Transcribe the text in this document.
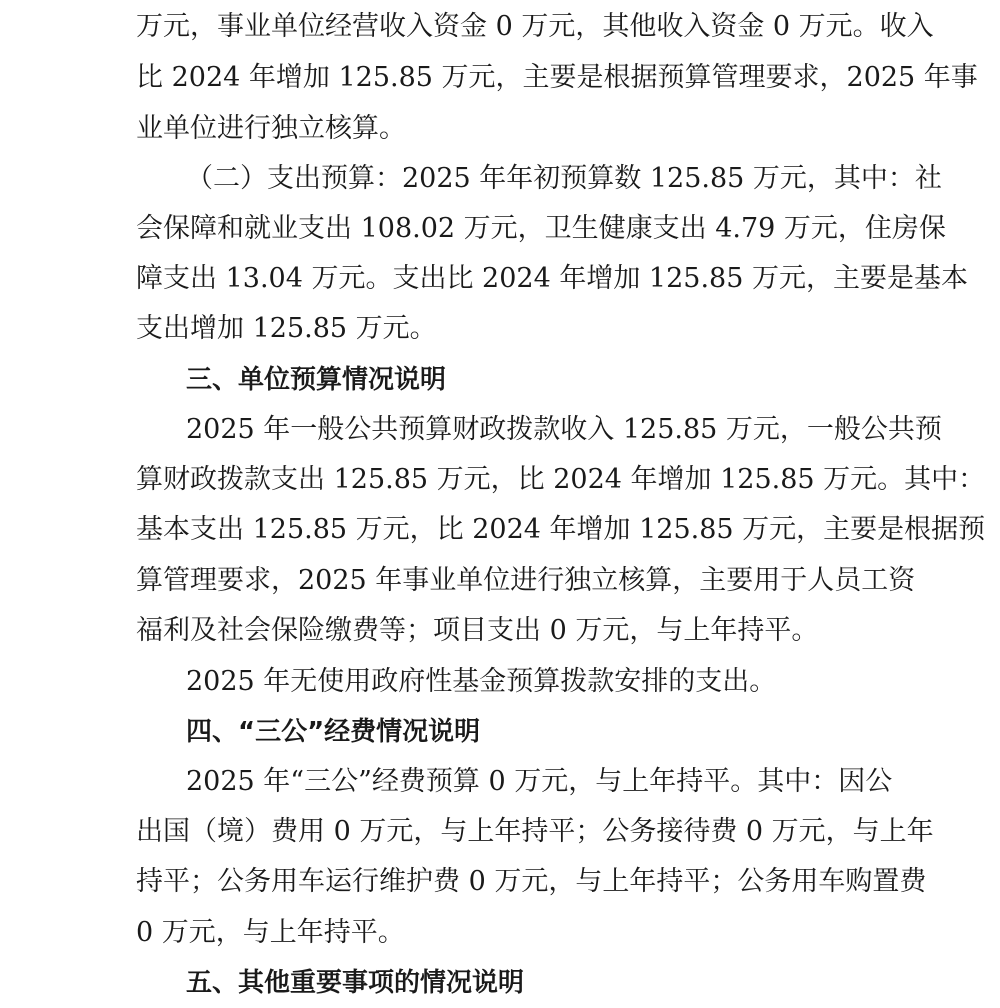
万元，事业单位经营收入资金 0 万元，其他收入资金 0 万元。收入
比 2024 年增加 125.85 万元，主要是根据预算管理要求，2025 年事
业单位进行独立核算。
（二）支出预算：2025 年年初预算数 125.85 万元，其中：社
会保障和就业支出 108.02 万元，卫生健康支出 4.79 万元，住房保
障支出 13.04 万元。支出比 2024 年增加 125.85 万元，主要是基本
支出增加 125.85 万元。
三、单位预算情况说明
2025 年一般公共预算财政拨款收入 125.85 万元，一般公共预
算财政拨款支出 125.85 万元，比 2024 年增加 125.85 万元。其中：
基本支出 125.85 万元，比 2024 年增加 125.85 万元，主要是根据预
算管理要求，2025 年事业单位进行独立核算，主要用于人员工资
福利及社会保险缴费等；项目支出 0 万元，与上年持平。
2025 年无使用政府性基金预算拨款安排的支出。
四、“三公”经费情况说明
2025 年“三公”经费预算 0 万元，与上年持平。其中：因公
出国（境）费用 0 万元，与上年持平；公务接待费 0 万元，与上年
持平；公务用车运行维护费 0 万元，与上年持平；公务用车购置费
0 万元，与上年持平。
五、其他重要事项的情况说明
